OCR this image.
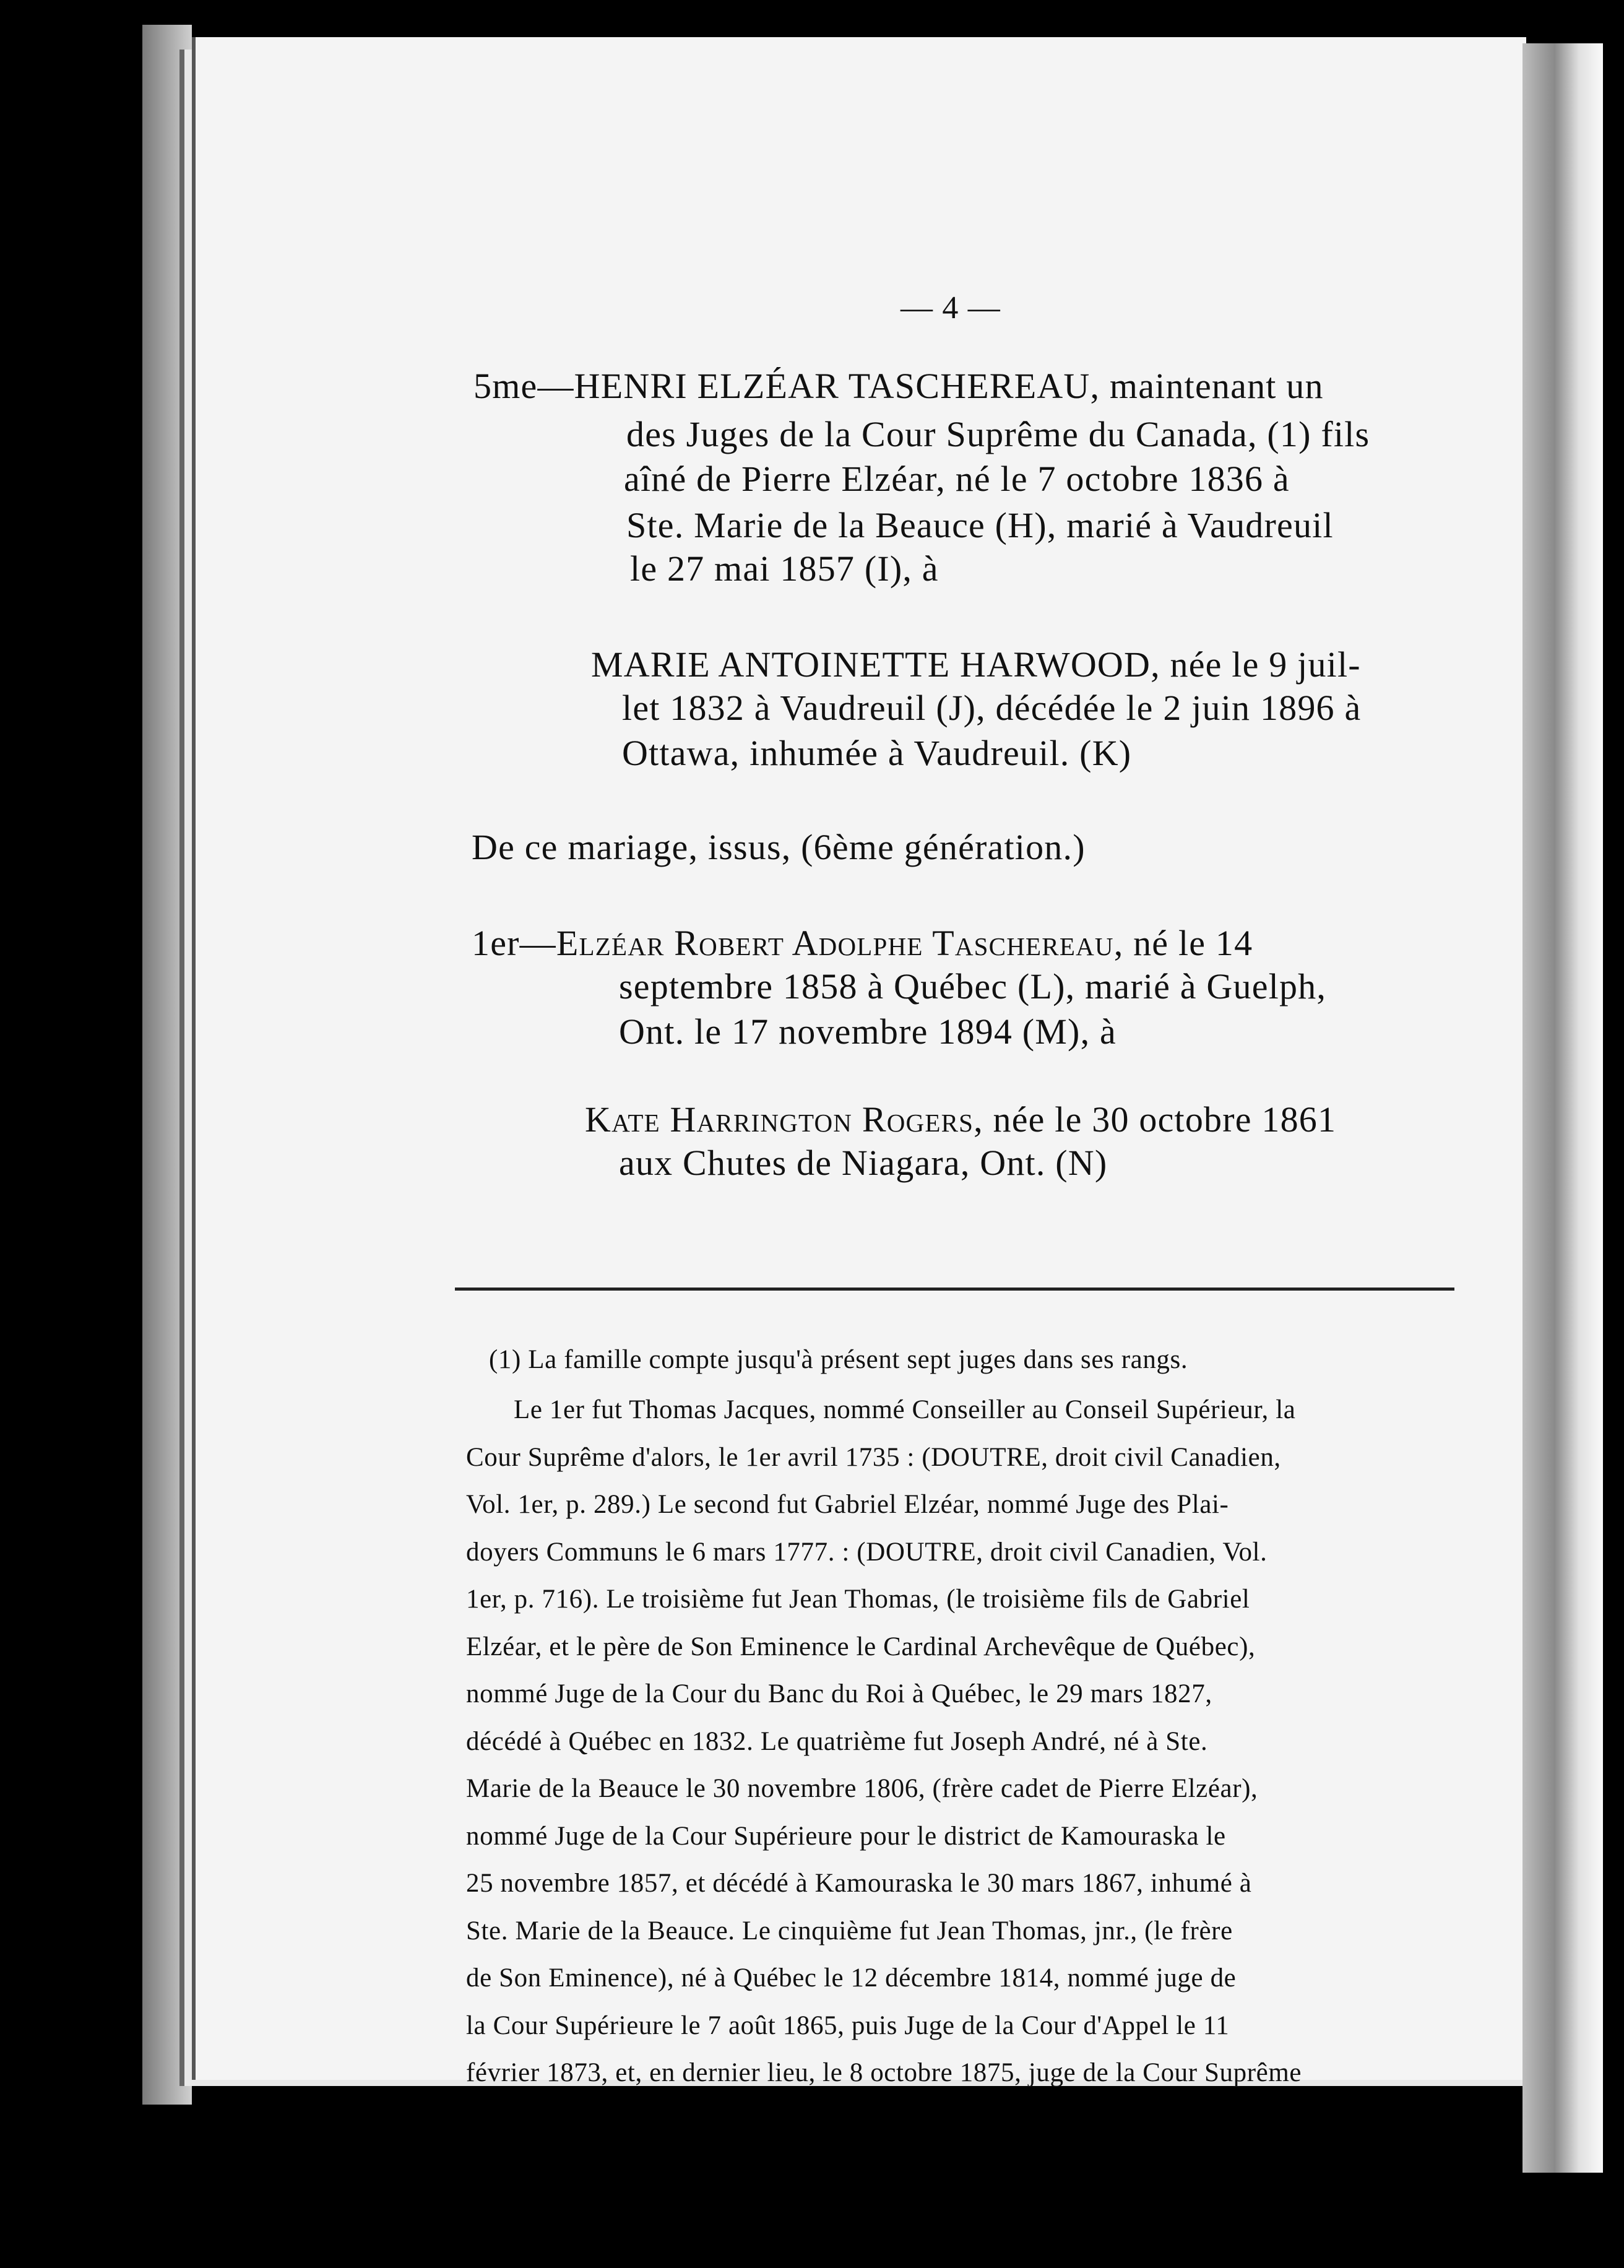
— 4 —
5me—HENRI ELZÉAR TASCHEREAU, maintenant un
des Juges de la Cour Suprême du Canada, (1) fils
aîné de Pierre Elzéar, né le 7 octobre 1836 à
Ste. Marie de la Beauce (H), marié à Vaudreuil
le 27 mai 1857 (I), à
MARIE ANTOINETTE HARWOOD, née le 9 juil-
let 1832 à Vaudreuil (J), décédée le 2 juin 1896 à
Ottawa, inhumée à Vaudreuil. (K)
De ce mariage, issus, (6ème génération.)
1er—Elzéar Robert Adolphe Taschereau, né le 14
septembre 1858 à Québec (L), marié à Guelph,
Ont. le 17 novembre 1894 (M), à
Kate Harrington Rogers, née le 30 octobre 1861
aux Chutes de Niagara, Ont. (N)
(1) La famille compte jusqu'à présent sept juges dans ses rangs.
Le 1er fut Thomas Jacques, nommé Conseiller au Conseil Supérieur, la
Cour Suprême d'alors, le 1er avril 1735 : (DOUTRE, droit civil Canadien,
Vol. 1er, p. 289.) Le second fut Gabriel Elzéar, nommé Juge des Plai-
doyers Communs le 6 mars 1777. : (DOUTRE, droit civil Canadien, Vol.
1er, p. 716). Le troisième fut Jean Thomas, (le troisième fils de Gabriel
Elzéar, et le père de Son Eminence le Cardinal Archevêque de Québec),
nommé Juge de la Cour du Banc du Roi à Québec, le 29 mars 1827,
décédé à Québec en 1832. Le quatrième fut Joseph André, né à Ste.
Marie de la Beauce le 30 novembre 1806, (frère cadet de Pierre Elzéar),
nommé Juge de la Cour Supérieure pour le district de Kamouraska le
25 novembre 1857, et décédé à Kamouraska le 30 mars 1867, inhumé à
Ste. Marie de la Beauce. Le cinquième fut Jean Thomas, jnr., (le frère
de Son Eminence), né à Québec le 12 décembre 1814, nommé juge de
la Cour Supérieure le 7 août 1865, puis Juge de la Cour d'Appel le 11
février 1873, et, en dernier lieu, le 8 octobre 1875, juge de la Cour Suprême
